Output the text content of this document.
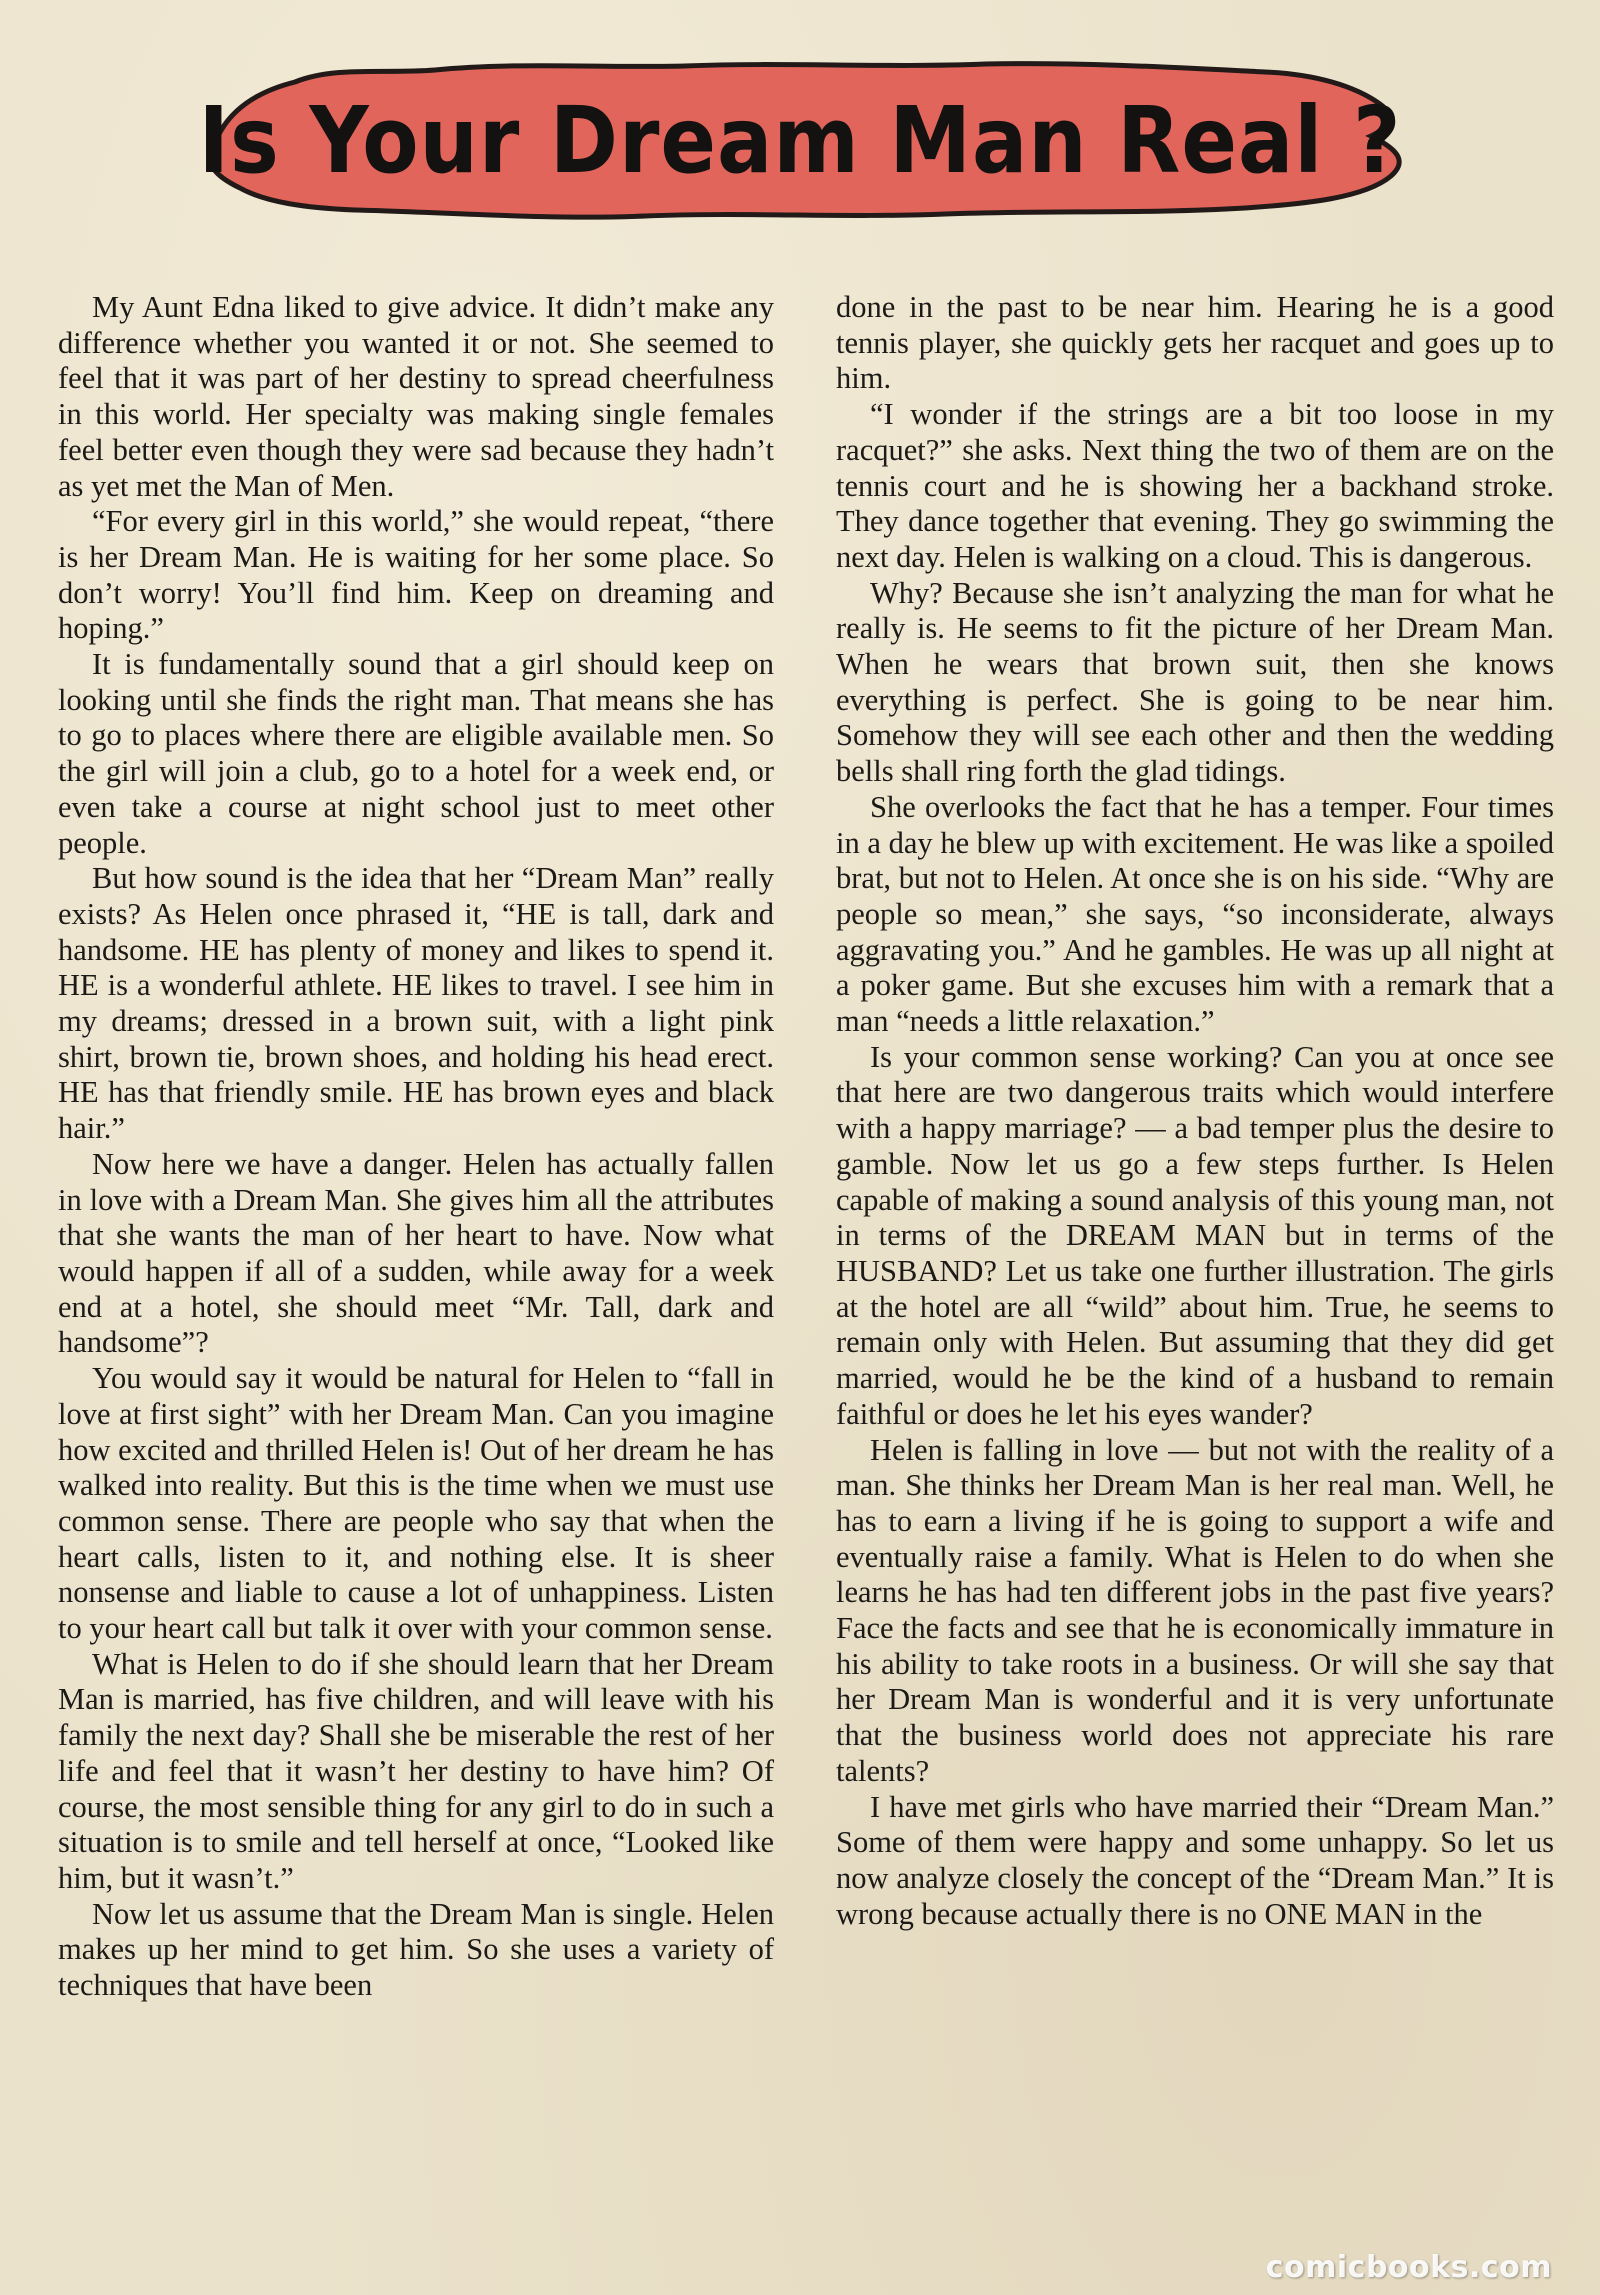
Is Your Dream Man Real ?

My Aunt Edna liked to give advice. It didn’t make any difference whether you wanted it or not. She seemed to feel that it was part of her destiny to spread cheerfulness in this world. Her specialty was making single females feel better even though they were sad because they hadn’t as yet met the Man of Men.

“For every girl in this world,” she would repeat, “there is her Dream Man. He is waiting for her some place. So don’t worry! You’ll find him. Keep on dreaming and hoping.”

It is fundamentally sound that a girl should keep on looking until she finds the right man. That means she has to go to places where there are eligible available men. So the girl will join a club, go to a hotel for a week end, or even take a course at night school just to meet other people.

But how sound is the idea that her “Dream Man” really exists? As Helen once phrased it, “HE is tall, dark and handsome. HE has plenty of money and likes to spend it. HE is a wonderful athlete. HE likes to travel. I see him in my dreams; dressed in a brown suit, with a light pink shirt, brown tie, brown shoes, and holding his head erect. HE has that friendly smile. HE has brown eyes and black hair.”

Now here we have a danger. Helen has actually fallen in love with a Dream Man. She gives him all the attributes that she wants the man of her heart to have. Now what would happen if all of a sudden, while away for a week end at a hotel, she should meet “Mr. Tall, dark and handsome”?

You would say it would be natural for Helen to “fall in love at first sight” with her Dream Man. Can you imagine how excited and thrilled Helen is! Out of her dream he has walked into reality. But this is the time when we must use common sense. There are people who say that when the heart calls, listen to it, and nothing else. It is sheer nonsense and liable to cause a lot of unhappiness. Listen to your heart call but talk it over with your common sense.

What is Helen to do if she should learn that her Dream Man is married, has five children, and will leave with his family the next day? Shall she be miserable the rest of her life and feel that it wasn’t her destiny to have him? Of course, the most sensible thing for any girl to do in such a situation is to smile and tell herself at once, “Looked like him, but it wasn’t.”

Now let us assume that the Dream Man is single. Helen makes up her mind to get him. So she uses a variety of techniques that have been

done in the past to be near him. Hearing he is a good tennis player, she quickly gets her racquet and goes up to him.

“I wonder if the strings are a bit too loose in my racquet?” she asks. Next thing the two of them are on the tennis court and he is showing her a backhand stroke. They dance together that evening. They go swimming the next day. Helen is walking on a cloud. This is dangerous.

Why? Because she isn’t analyzing the man for what he really is. He seems to fit the picture of her Dream Man. When he wears that brown suit, then she knows everything is perfect. She is going to be near him. Somehow they will see each other and then the wedding bells shall ring forth the glad tidings.

She overlooks the fact that he has a temper. Four times in a day he blew up with excitement. He was like a spoiled brat, but not to Helen. At once she is on his side. “Why are people so mean,” she says, “so inconsiderate, always aggravating you.” And he gambles. He was up all night at a poker game. But she excuses him with a remark that a man “needs a little relaxation.”

Is your common sense working? Can you at once see that here are two dangerous traits which would interfere with a happy marriage? — a bad temper plus the desire to gamble. Now let us go a few steps further. Is Helen capable of making a sound analysis of this young man, not in terms of the DREAM MAN but in terms of the HUSBAND? Let us take one further illustration. The girls at the hotel are all “wild” about him. True, he seems to remain only with Helen. But assuming that they did get married, would he be the kind of a husband to remain faithful or does he let his eyes wander?

Helen is falling in love — but not with the reality of a man. She thinks her Dream Man is her real man. Well, he has to earn a living if he is going to support a wife and eventually raise a family. What is Helen to do when she learns he has had ten different jobs in the past five years? Face the facts and see that he is economically immature in his ability to take roots in a business. Or will she say that her Dream Man is wonderful and it is very unfortunate that the business world does not appreciate his rare talents?

I have met girls who have married their “Dream Man.” Some of them were happy and some unhappy. So let us now analyze closely the concept of the “Dream Man.” It is wrong because actually there is no ONE MAN in the

comicbooks.com
